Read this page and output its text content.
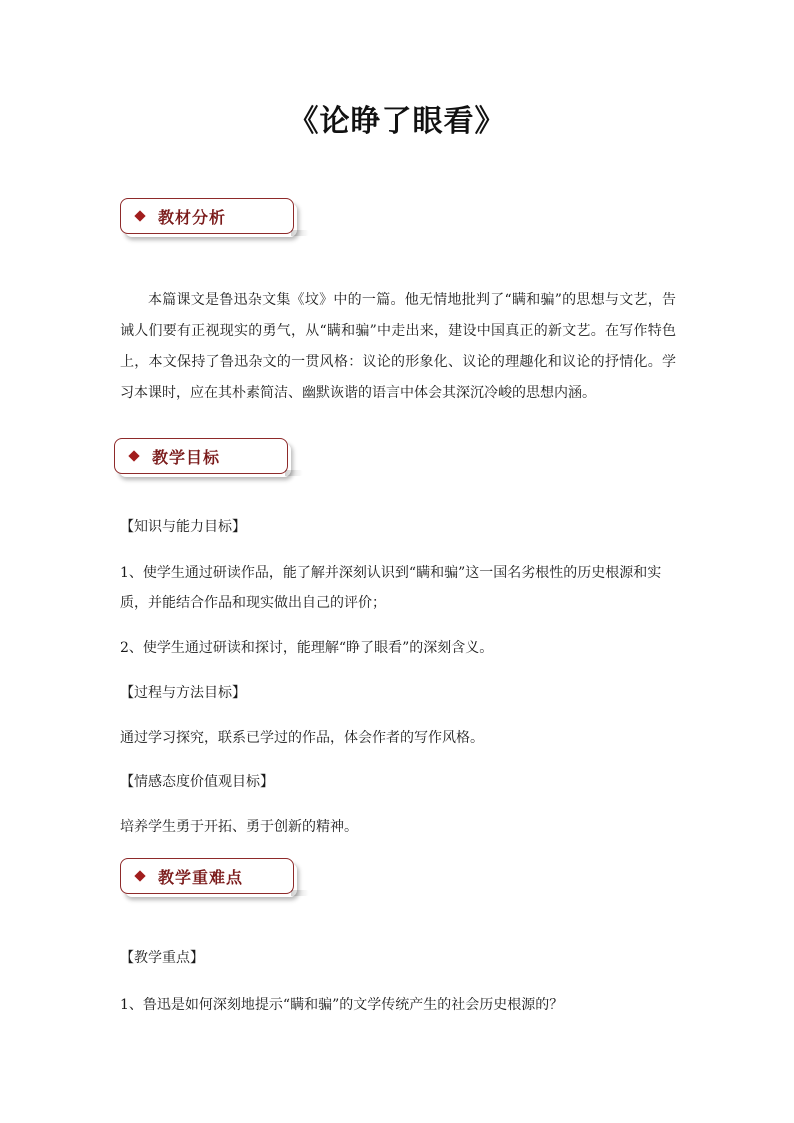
《论睁了眼看》
教材分析
本篇课文是鲁迅杂文集《坟》中的一篇。他无情地批判了“瞒和骗”的思想与文艺，告诫人们要有正视现实的勇气，从“瞒和骗”中走出来，建设中国真正的新文艺。在写作特色上，本文保持了鲁迅杂文的一贯风格：议论的形象化、议论的理趣化和议论的抒情化。学习本课时，应在其朴素简洁、幽默诙谐的语言中体会其深沉冷峻的思想内涵。
教学目标
【知识与能力目标】
1、使学生通过研读作品，能了解并深刻认识到“瞒和骗”这一国名劣根性的历史根源和实
质，并能结合作品和现实做出自己的评价；
2、使学生通过研读和探讨，能理解“睁了眼看”的深刻含义。
【过程与方法目标】
通过学习探究，联系已学过的作品，体会作者的写作风格。
【情感态度价值观目标】
培养学生勇于开拓、勇于创新的精神。
教学重难点
【教学重点】
1、鲁迅是如何深刻地提示“瞒和骗”的文学传统产生的社会历史根源的？
